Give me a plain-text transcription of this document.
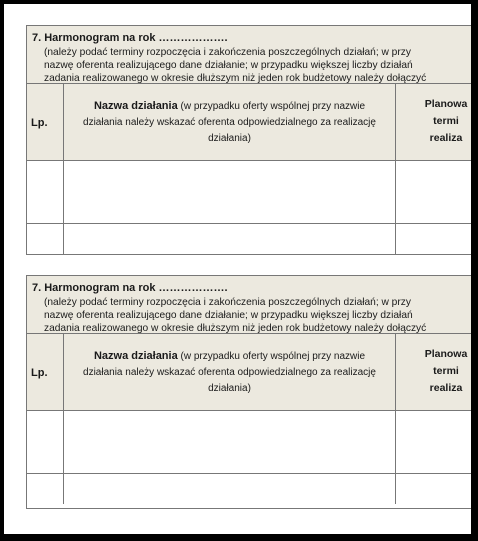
7. Harmonogram na rok ……………….
(należy podać terminy rozpoczęcia i zakończenia poszczególnych działań; w przy
nazwę oferenta realizującego dane działanie; w przypadku większej liczby działań
zadania realizowanego w okresie dłuższym niż jeden rok budżetowy należy dołączyć
Lp.
Nazwa działania (w przypadku oferty wspólnej przy nazwie
działania należy wskazać oferenta odpowiedzialnego za realizację
działania)
Planowa
termi
realiza
7. Harmonogram na rok ……………….
(należy podać terminy rozpoczęcia i zakończenia poszczególnych działań; w przy
nazwę oferenta realizującego dane działanie; w przypadku większej liczby działań
zadania realizowanego w okresie dłuższym niż jeden rok budżetowy należy dołączyć
Lp.
Nazwa działania (w przypadku oferty wspólnej przy nazwie
działania należy wskazać oferenta odpowiedzialnego za realizację
działania)
Planowa
termi
realiza
